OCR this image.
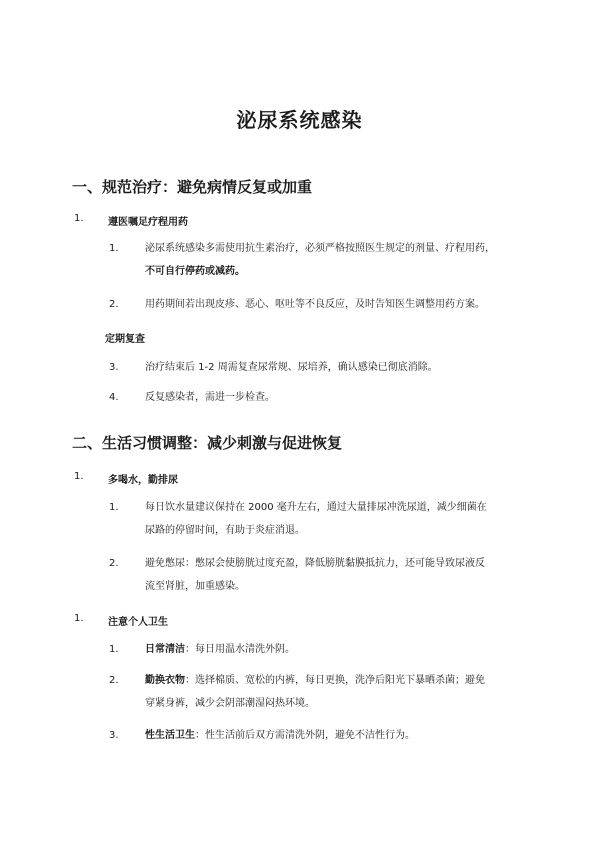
泌尿系统感染
一、规范治疗：避免病情反复或加重
1. 遵医嘱足疗程用药
1.	泌尿系统感染多需使用抗生素治疗，必须严格按照医生规定的剂量、疗程用药，
不可自行停药或减药。
2.	用药期间若出现皮疹、恶心、呕吐等不良反应，及时告知医生调整用药方案。
定期复查
3.	治疗结束后 1-2 周需复查尿常规、尿培养，确认感染已彻底消除。
4.	反复感染者，需进一步检查。
二、生活习惯调整：减少刺激与促进恢复
1. 多喝水，勤排尿
1.	每日饮水量建议保持在 2000 毫升左右，通过大量排尿冲洗尿道，减少细菌在
尿路的停留时间，有助于炎症消退。
2.	避免憋尿：憋尿会使膀胱过度充盈，降低膀胱黏膜抵抗力，还可能导致尿液反
流至肾脏，加重感染。
1. 注意个人卫生
1.	日常清洁：每日用温水清洗外阴。
2.	勤换衣物：选择棉质、宽松的内裤，每日更换，洗净后阳光下暴晒杀菌；避免
穿紧身裤，减少会阴部潮湿闷热环境。
3.	性生活卫生：性生活前后双方需清洗外阴，避免不洁性行为。
